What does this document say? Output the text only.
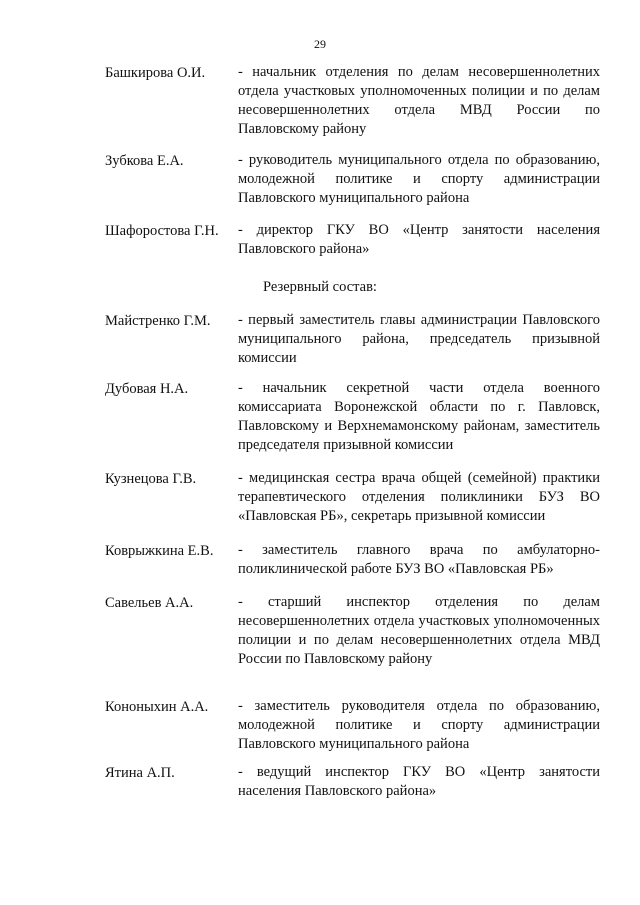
29
Башкирова О.И. - начальник отделения по делам несовершеннолетних отдела участковых уполномоченных полиции и по делам несовершеннолетних отдела МВД России по Павловскому району
Зубкова Е.А.	- руководитель муниципального отдела по образованию, молодежной политике и спорту администрации Павловского муниципального района
Шафоростова Г.Н. - директор ГКУ ВО «Центр занятости населения Павловского района»
Резервный состав:
Майстренко Г.М. - первый заместитель главы администрации Павловского муниципального района, председатель призывной комиссии
Дубовая Н.А.	- начальник секретной части отдела военного комиссариата Воронежской области по г. Павловск, Павловскому и Верхнемамонскому районам, заместитель председателя призывной комиссии
Кузнецова Г.В.	- медицинская сестра врача общей (семейной) практики терапевтического отделения поликлиники БУЗ ВО «Павловская РБ», секретарь призывной комиссии
Коврыжкина Е.В. - заместитель главного врача по амбулаторно-поликлинической работе БУЗ ВО «Павловская РБ»
Савельев А.А.	- старший инспектор отделения по делам несовершеннолетних отдела участковых уполномоченных полиции и по делам несовершеннолетних отдела МВД России по Павловскому району
Кононыхин А.А. - заместитель руководителя отдела по образованию, молодежной политике и спорту администрации Павловского муниципального района
Ятина А.П.	- ведущий инспектор ГКУ ВО «Центр занятости населения Павловского района»
